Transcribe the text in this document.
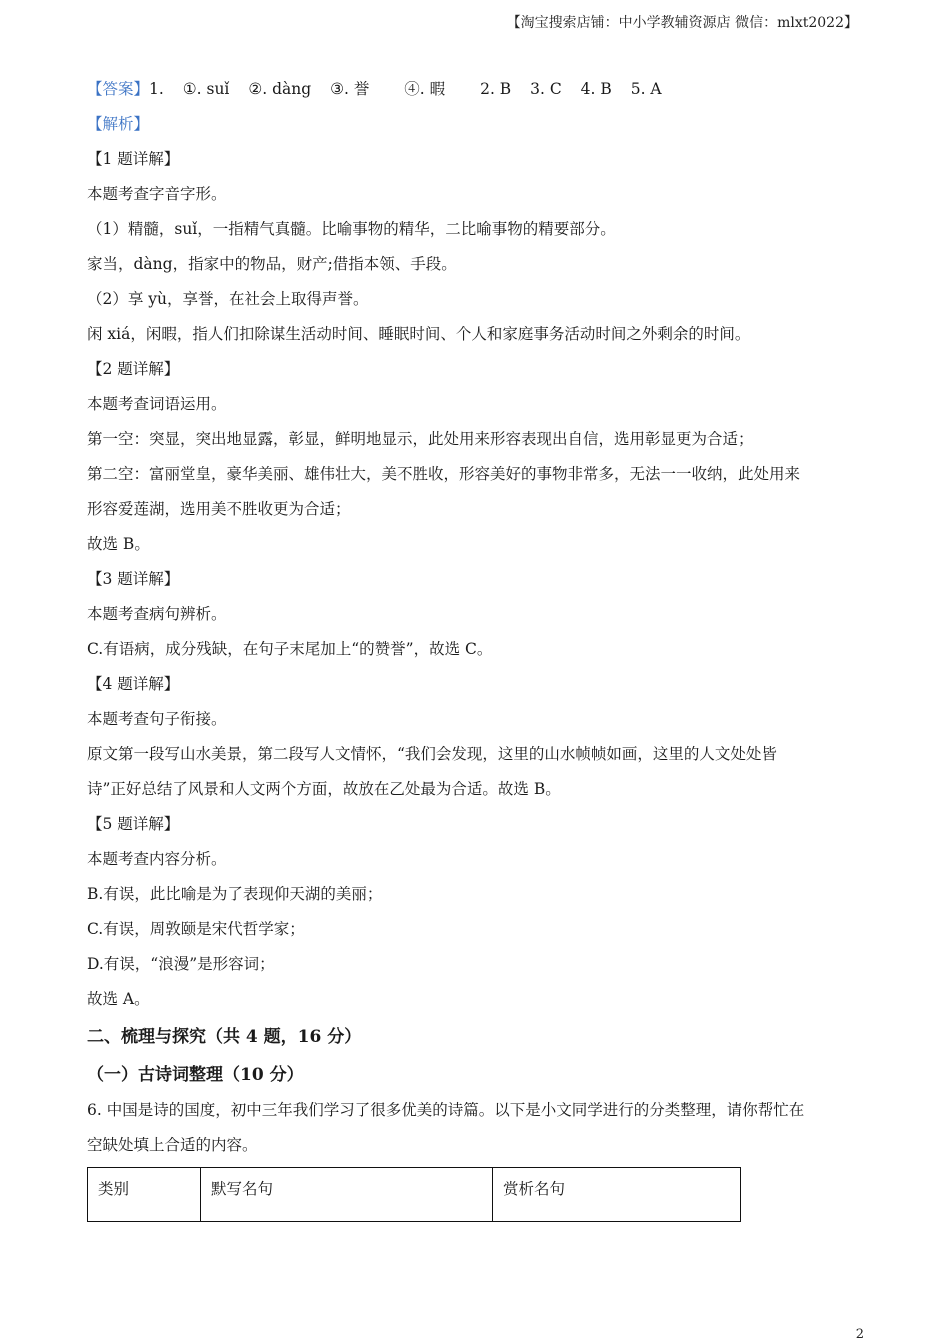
【淘宝搜索店铺：中小学教辅资源店 微信：mlxt2022】
【答案】1. ①. suǐ ②. dàng ③. 誉 ④. 暇 2. B 3. C 4. B 5. A
【解析】
【1 题详解】
本题考查字音字形。
（1）精髓，suǐ，一指精气真髓。比喻事物的精华，二比喻事物的精要部分。
家当，dàng，指家中的物品，财产;借指本领、手段。
（2）享 yù，享誉，在社会上取得声誉。
闲 xiá，闲暇，指人们扣除谋生活动时间、睡眠时间、个人和家庭事务活动时间之外剩余的时间。
【2 题详解】
本题考查词语运用。
第一空：突显，突出地显露，彰显，鲜明地显示，此处用来形容表现出自信，选用彰显更为合适；
第二空：富丽堂皇，豪华美丽、雄伟壮大，美不胜收，形容美好的事物非常多，无法一一收纳，此处用来
形容爱莲湖，选用美不胜收更为合适；
故选 B。
【3 题详解】
本题考查病句辨析。
C.有语病，成分残缺，在句子末尾加上“的赞誉”，故选 C。
【4 题详解】
本题考查句子衔接。
原文第一段写山水美景，第二段写人文情怀，“我们会发现，这里的山水帧帧如画，这里的人文处处皆
诗”正好总结了风景和人文两个方面，故放在乙处最为合适。故选 B。
【5 题详解】
本题考查内容分析。
B.有误，此比喻是为了表现仰天湖的美丽；
C.有误，周敦颐是宋代哲学家；
D.有误，“浪漫”是形容词；
故选 A。
二、梳理与探究（共 4 题，16 分）
（一）古诗词整理（10 分）
6. 中国是诗的国度，初中三年我们学习了很多优美的诗篇。以下是小文同学进行的分类整理，请你帮忙在
空缺处填上合适的内容。
类别	默写名句	赏析名句
2
